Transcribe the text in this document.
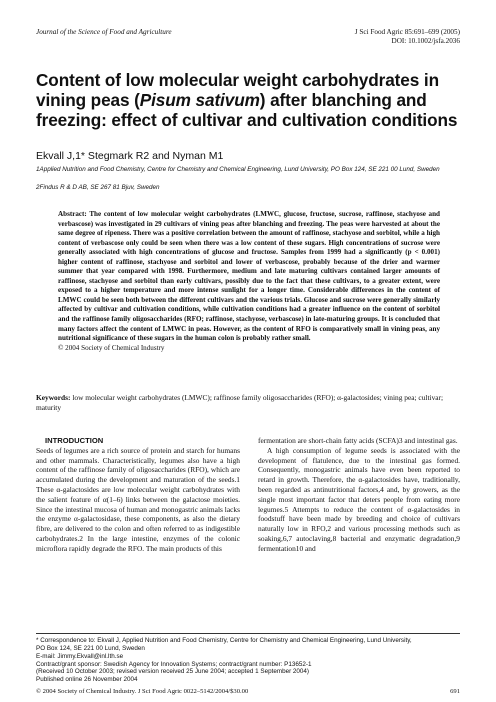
Journal of the Science of Food and Agriculture	J Sci Food Agric 85:691–699 (2005)
DOI: 10.1002/jsfa.2036
Content of low molecular weight carbohydrates in vining peas (Pisum sativum) after blanching and freezing: effect of cultivar and cultivation conditions
Ekvall J,1* Stegmark R2 and Nyman M1
1Applied Nutrition and Food Chemistry, Centre for Chemistry and Chemical Engineering, Lund University, PO Box 124, SE 221 00 Lund, Sweden
2Findus R & D AB, SE 267 81 Bjuv, Sweden
Abstract: The content of low molecular weight carbohydrates (LMWC, glucose, fructose, sucrose, raffinose, stachyose and verbascose) was investigated in 29 cultivars of vining peas after blanching and freezing. The peas were harvested at about the same degree of ripeness. There was a positive correlation between the amount of raffinose, stachyose and sorbitol, while a high content of verbascose only could be seen when there was a low content of these sugars. High concentrations of sucrose were generally associated with high concentrations of glucose and fructose. Samples from 1999 had a significantly (p < 0.001) higher content of raffinose, stachyose and sorbitol and lower of verbascose, probably because of the drier and warmer summer that year compared with 1998. Furthermore, medium and late maturing cultivars contained larger amounts of raffinose, stachyose and sorbitol than early cultivars, possibly due to the fact that these cultivars, to a greater extent, were exposed to a higher temperature and more intense sunlight for a longer time. Considerable differences in the content of LMWC could be seen both between the different cultivars and the various trials. Glucose and sucrose were generally similarly affected by cultivar and cultivation conditions, while cultivation conditions had a greater influence on the content of sorbitol and the raffinose family oligosaccharides (RFO; raffinose, stachyose, verbascose) in late-maturing groups. It is concluded that many factors affect the content of LMWC in peas. However, as the content of RFO is comparatively small in vining peas, any nutritional significance of these sugars in the human colon is probably rather small.
© 2004 Society of Chemical Industry
Keywords: low molecular weight carbohydrates (LMWC); raffinose family oligosaccharides (RFO); α-galactosides; vining pea; cultivar; maturity

INTRODUCTION

Seeds of legumes are a rich source of protein and starch for humans and other mammals. Characteristically, legumes also have a high content of the raffinose family of oligosaccharides (RFO), which are accumulated during the development and maturation of the seeds.1 These α-galactosides are low molecular weight carbohydrates with the salient feature of α(1–6) links between the galactose moieties. Since the intestinal mucosa of human and monogastric animals lacks the enzyme α-galactosidase, these components, as also the dietary fibre, are delivered to the colon and often referred to as indigestible carbohydrates.2 In the large intestine, enzymes of the colonic microflora rapidly degrade the RFO. The main products of this

fermentation are short-chain fatty acids (SCFA)3 and intestinal gas.

A high consumption of legume seeds is associated with the development of flatulence, due to the intestinal gas formed. Consequently, monogastric animals have even been reported to retard in growth. Therefore, the α-galactosides have, traditionally, been regarded as antinutritional factors,4 and, by growers, as the single most important factor that deters people from eating more legumes.5 Attempts to reduce the content of α-galactosides in foodstuff have been made by breeding and choice of cultivars naturally low in RFO,2 and various processing methods such as soaking,6,7 autoclaving,8 bacterial and enzymatic degradation,9 fermentation10 and

* Correspondence to: Ekvall J, Applied Nutrition and Food Chemistry, Centre for Chemistry and Chemical Engineering, Lund University,
PO Box 124, SE 221 00 Lund, Sweden
E-mail: Jimmy.Ekvall@inl.lth.se
Contract/grant sponsor: Swedish Agency for Innovation Systems; contract/grant number: P13652-1
(Received 10 October 2003; revised version received 25 June 2004; accepted 1 September 2004)
Published online 26 November 2004
© 2004 Society of Chemical Industry. J Sci Food Agric 0022–5142/2004/$30.00	691
